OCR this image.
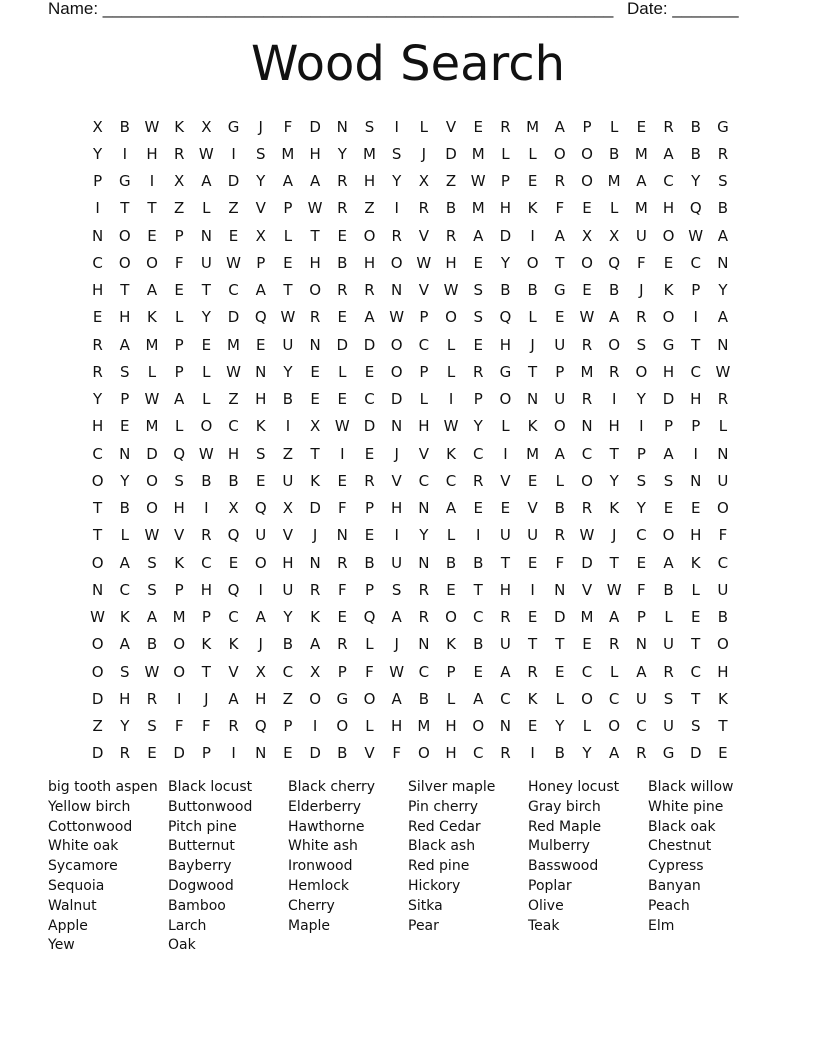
Name: ______________________________________________________ Date: _______
Wood Search
X	B W K	X	G	J	F	D	N	S	I	L	V	E	R	M	A	P	L	E	R	B	G
Y	I	H	R W	I	S	M	H	Y	M	S	J	D M	L	L	O	O	B	M	A	B	R
P	G	I	X	A	D	Y	A	A	R	H	Y	X	Z W	P	E	R	O M	A	C	Y	S
I	T	T	Z	L	Z	V	P	W R	Z	I	R	B	M	H	K	F	E	L	M	H	Q	B
N	O	E	P	N	E	X	L	T	E	O	R	V	R	A	D	I	A	X	X	U	O W A
C	O	O	F	U W	P	E	H	B	H	O W H	E	Y	O	T	O	Q	F	E	C	N
H	T	A	E	T	C	A	T	O	R	R	N	V W	S	B	B	G	E	B	J	K	P	Y
E	H	K	L	Y	D	Q W R	E	A W	P	O	S	Q	L	E	W A	R	O	I	A
R	A	M	P	E	M	E	U	N	D	D	O	C	L	E	H	J	U	R	O	S	G	T	N
R	S	L	P	L	W N	Y	E	L	E	O	P	L	R	G	T	P	M	R	O	H	C W
Y	P	W A	L	Z	H	B	E	E	C	D	L	I	P	O	N	U	R	I	Y	D	H	R
H	E	M	L	O	C	K	I	X W D	N	H W	Y	L	K	O	N	H	I	P	P	L
C	N	D	Q W H	S	Z	T	I	E	J	V	K	C	I	M	A	C	T	P	A	I	N
O	Y	O	S	B	B	E	U	K	E	R	V	C	C	R	V	E	L	O	Y	S	S	N	U
T	B	O	H	I	X	Q	X	D	F	P	H	N	A	E	E	V	B	R	K	Y	E	E	O
T	L	W V	R	Q	U	V	J	N	E	I	Y	L	I	U	U	R W	J	C	O	H	F
O	A	S	K	C	E	O	H	N	R	B	U	N	B	B	T	E	F	D	T	E	A	K	C
N	C	S	P	H	Q	I	U	R	F	P	S	R	E	T	H	I	N	V W	F	B	L	U
W K	A	M	P	C	A	Y	K	E	Q	A	R	O	C	R	E	D M	A	P	L	E	B
O	A	B	O	K	K	J	B	A	R	L	J	N	K	B	U	T	T	E	R	N	U	T	O
O	S	W O	T	V	X	C	X	P	F	W C	P	E	A	R	E	C	L	A	R	C	H
D	H	R	I	J	A	H	Z	O	G	O	A	B	L	A	C	K	L	O	C	U	S	T	K
Z	Y	S	F	F	R	Q	P	I	O	L	H	M	H	O	N	E	Y	L	O	C	U	S	T
D	R	E	D	P	I	N	E	D	B	V	F	O	H	C	R	I	B	Y	A	R	G	D	E
big tooth aspen
Yellow birch
Cottonwood
White oak
Sycamore
Sequoia
Walnut
Apple
Yew
Black locust
Buttonwood
Pitch pine
Butternut
Bayberry
Dogwood
Bamboo
Larch
Oak
Black cherry
Elderberry
Hawthorne
White ash
Ironwood
Hemlock
Cherry
Maple
Silver maple
Pin cherry
Red Cedar
Black ash
Red pine
Hickory
Sitka
Pear
Honey locust
Gray birch
Red Maple
Mulberry
Basswood
Poplar
Olive
Teak
Black willow
White pine
Black oak
Chestnut
Cypress
Banyan
Peach
Elm
